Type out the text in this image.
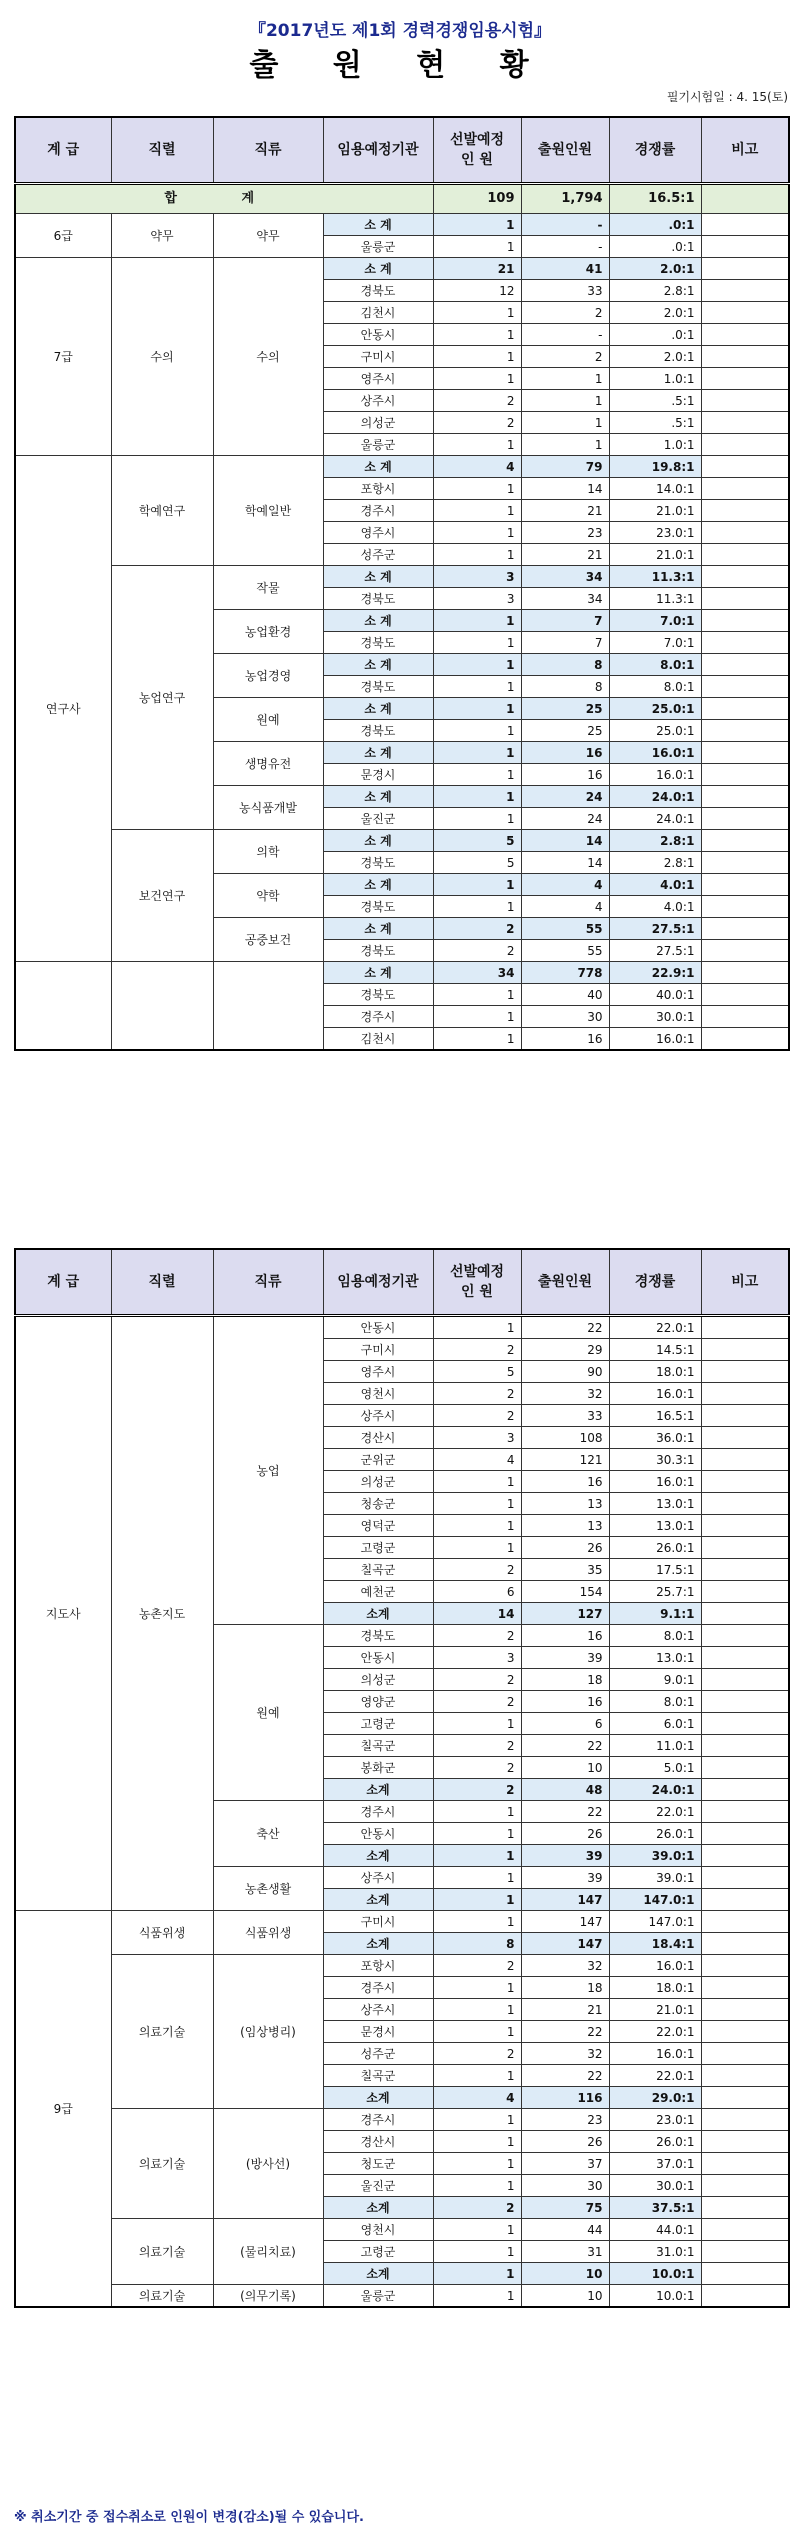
『2017년도 제1회 경력경쟁임용시험』
출 원 현 황
필기시험일 : 4. 15(토)
계 급	직렬	직류	임용예정기관	선발예정
인 원	출원인원	경쟁률	비고
합 계				109	1,794	16.5:1	
6급	약무	약무	소 계	1	-	.0:1	
			울릉군	1	-	.0:1	
7급	수의	수의	소 계	21	41	2.0:1	
			경북도	12	33	2.8:1	
			김천시	1	2	2.0:1	
			안동시	1	-	.0:1	
			구미시	1	2	2.0:1	
			영주시	1	1	1.0:1	
			상주시	2	1	.5:1	
			의성군	2	1	.5:1	
			울릉군	1	1	1.0:1	
연구사	학예연구	학예일반	소 계	4	79	19.8:1	
			포항시	1	14	14.0:1	
			경주시	1	21	21.0:1	
			영주시	1	23	23.0:1	
			성주군	1	21	21.0:1	
	농업연구	작물	소 계	3	34	11.3:1	
			경북도	3	34	11.3:1	
		농업환경	소 계	1	7	7.0:1	
			경북도	1	7	7.0:1	
		농업경영	소 계	1	8	8.0:1	
			경북도	1	8	8.0:1	
		원예	소 계	1	25	25.0:1	
			경북도	1	25	25.0:1	
		생명유전	소 계	1	16	16.0:1	
			문경시	1	16	16.0:1	
		농식품개발	소 계	1	24	24.0:1	
			울진군	1	24	24.0:1	
	보건연구	의학	소 계	5	14	2.8:1	
			경북도	5	14	2.8:1	
		약학	소 계	1	4	4.0:1	
			경북도	1	4	4.0:1	
		공중보건	소 계	2	55	27.5:1	
			경북도	2	55	27.5:1	
			소 계	34	778	22.9:1	
			경북도	1	40	40.0:1	
			경주시	1	30	30.0:1	
			김천시	1	16	16.0:1	
계 급	직렬	직류	임용예정기관	선발예정
인 원	출원인원	경쟁률	비고
지도사	농촌지도	농업	안동시	1	22	22.0:1	
			구미시	2	29	14.5:1	
			영주시	5	90	18.0:1	
			영천시	2	32	16.0:1	
			상주시	2	33	16.5:1	
			경산시	3	108	36.0:1	
			군위군	4	121	30.3:1	
			의성군	1	16	16.0:1	
			청송군	1	13	13.0:1	
			영덕군	1	13	13.0:1	
			고령군	1	26	26.0:1	
			칠곡군	2	35	17.5:1	
			예천군	6	154	25.7:1	
			소계	14	127	9.1:1	
		원예	경북도	2	16	8.0:1	
			안동시	3	39	13.0:1	
			의성군	2	18	9.0:1	
			영양군	2	16	8.0:1	
			고령군	1	6	6.0:1	
			칠곡군	2	22	11.0:1	
			봉화군	2	10	5.0:1	
			소계	2	48	24.0:1	
		축산	경주시	1	22	22.0:1	
			안동시	1	26	26.0:1	
			소계	1	39	39.0:1	
		농촌생활	상주시	1	39	39.0:1	
			소계	1	147	147.0:1	
9급	식품위생	식품위생	구미시	1	147	147.0:1	
			소계	8	147	18.4:1	
	의료기술	(임상병리)	포항시	2	32	16.0:1	
			경주시	1	18	18.0:1	
			상주시	1	21	21.0:1	
			문경시	1	22	22.0:1	
			성주군	2	32	16.0:1	
			칠곡군	1	22	22.0:1	
			소계	4	116	29.0:1	
	의료기술	(방사선)	경주시	1	23	23.0:1	
			경산시	1	26	26.0:1	
			청도군	1	37	37.0:1	
			울진군	1	30	30.0:1	
			소계	2	75	37.5:1	
	의료기술	(물리치료)	영천시	1	44	44.0:1	
			고령군	1	31	31.0:1	
			소계	1	10	10.0:1	
	의료기술	(의무기록)	울릉군	1	10	10.0:1	
※ 취소기간 중 접수취소로 인원이 변경(감소)될 수 있습니다.
